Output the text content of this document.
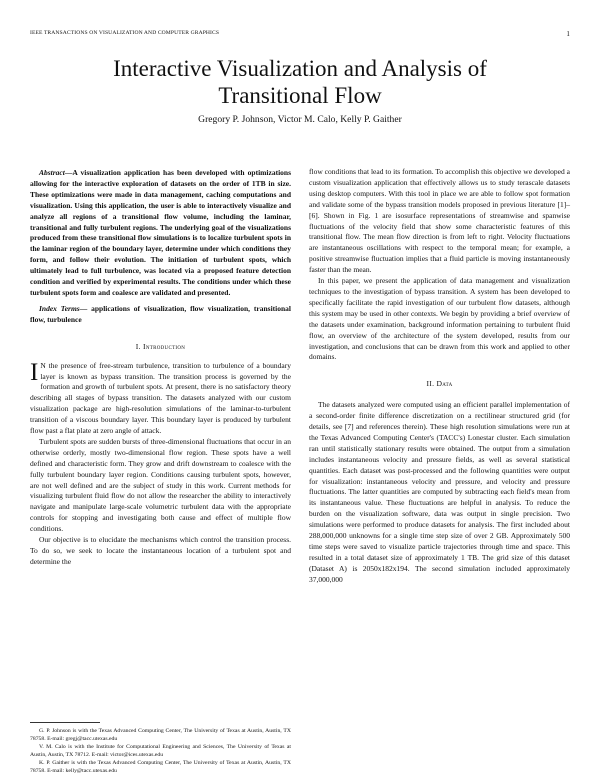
IEEE TRANSACTIONS ON VISUALIZATION AND COMPUTER GRAPHICS	1
Interactive Visualization and Analysis of
Transitional Flow
Gregory P. Johnson, Victor M. Calo, Kelly P. Gaither

Abstract—A visualization application has been developed with optimizations allowing for the interactive exploration of datasets on the order of 1TB in size. These optimizations were made in data management, caching computations and visualization. Using this application, the user is able to interactively visualize and analyze all regions of a transitional flow volume, including the laminar, transitional and fully turbulent regions. The underlying goal of the visualizations produced from these transitional flow simulations is to localize turbulent spots in the laminar region of the boundary layer, determine under which conditions they form, and follow their evolution. The initiation of turbulent spots, which ultimately lead to full turbulence, was located via a proposed feature detection condition and verified by experimental results. The conditions under which these turbulent spots form and coalesce are validated and presented.

Index Terms— applications of visualization, flow visualization, transitional flow, turbulence

I. Introduction

I N the presence of free-stream turbulence, transition to turbulence of a boundary layer is known as bypass transition. The transition process is governed by the formation and growth of turbulent spots. At present, there is no satisfactory theory describing all stages of bypass transition. The datasets analyzed with our custom visualization package are high-resolution simulations of the laminar-to-turbulent transition of a viscous boundary layer. This boundary layer is produced by turbulent flow past a flat plate at zero angle of attack.

Turbulent spots are sudden bursts of three-dimensional fluctuations that occur in an otherwise orderly, mostly two-dimensional flow region. These spots have a well defined and characteristic form. They grow and drift downstream to coalesce with the fully turbulent boundary layer region. Conditions causing turbulent spots, however, are not well defined and are the subject of study in this work. Current methods for visualizing turbulent fluid flow do not allow the researcher the ability to interactively navigate and manipulate large-scale volumetric turbulent data with the appropriate controls for stopping and investigating both cause and effect of multiple flow conditions.

Our objective is to elucidate the mechanisms which control the transition process. To do so, we seek to locate the instantaneous location of a turbulent spot and determine the

G. P. Johnson is with the Texas Advanced Computing Center, The University of Texas at Austin, Austin, TX 78758. E-mail: gregj@tacc.utexas.edu

V. M. Calo is with the Institute for Computational Engineering and Sciences, The University of Texas at Austin, Austin, TX 78712. E-mail: victor@ices.utexas.edu

K. P. Gaither is with the Texas Advanced Computing Center, The University of Texas at Austin, Austin, TX 78758. E-mail: kelly@tacc.utexas.edu

flow conditions that lead to its formation. To accomplish this objective we developed a custom visualization application that effectively allows us to study terascale datasets using desktop computers. With this tool in place we are able to follow spot formation and validate some of the bypass transition models proposed in previous literature [1]–[6]. Shown in Fig. 1 are isosurface representations of streamwise and spanwise fluctuations of the velocity field that show some characteristic features of this transitional flow. The mean flow direction is from left to right. Velocity fluctuations are instantaneous oscillations with respect to the temporal mean; for example, a positive streamwise fluctuation implies that a fluid particle is moving instantaneously faster than the mean.

In this paper, we present the application of data management and visualization techniques to the investigation of bypass transition. A system has been developed to specifically facilitate the rapid investigation of our turbulent flow datasets, although this system may be used in other contexts. We begin by providing a brief overview of the datasets under examination, background information pertaining to turbulent fluid flow, an overview of the architecture of the system developed, results from our investigation, and conclusions that can be drawn from this work and applied to other domains.

II. Data

The datasets analyzed were computed using an efficient parallel implementation of a second-order finite difference discretization on a rectilinear structured grid (for details, see [7] and references therein). These high resolution simulations were run at the Texas Advanced Computing Center's (TACC's) Lonestar cluster. Each simulation ran until statistically stationary results were obtained. The output from a simulation includes instantaneous velocity and pressure fields, as well as several statistical quantities. Each dataset was post-processed and the following quantities were output for visualization: instantaneous velocity and pressure, and velocity and pressure fluctuations. The latter quantities are computed by subtracting each field's mean from its instantaneous value. These fluctuations are helpful in analysis. To reduce the burden on the visualization software, data was output in single precision. Two simulations were performed to produce datasets for analysis. The first included about 288,000,000 unknowns for a single time step size of over 2 GB. Approximately 500 time steps were saved to visualize particle trajectories through time and space. This resulted in a total dataset size of approximately 1 TB. The grid size of this dataset (Dataset A) is 2050x182x194. The second simulation included approximately 37,000,000
